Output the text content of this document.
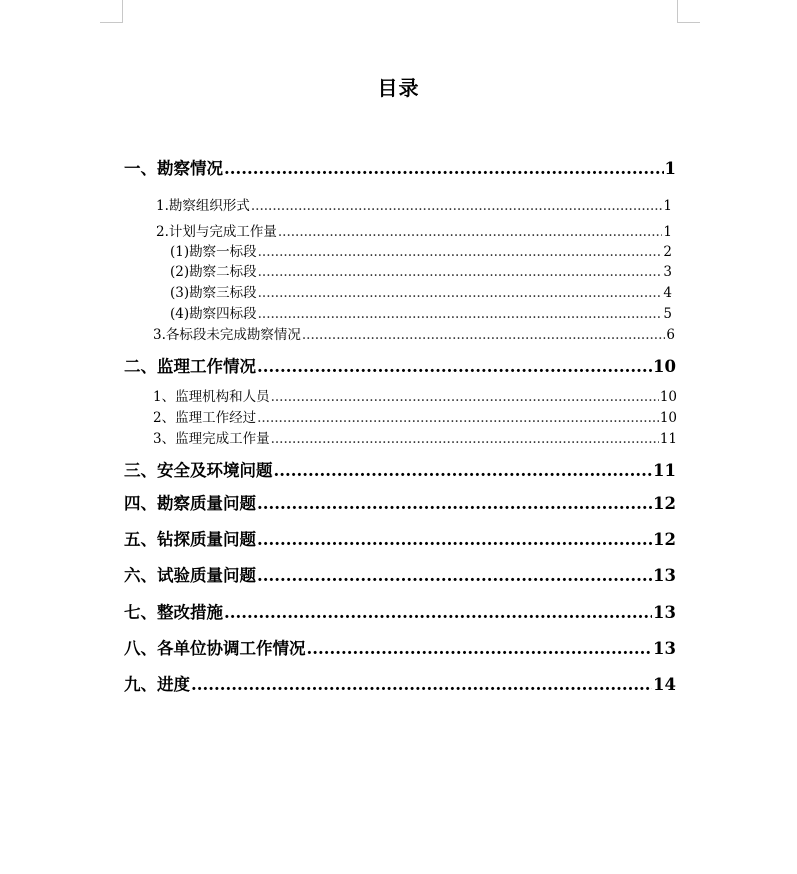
目录
一、勘察情况 .....	1
1.勘察组织形式 .....	1
2.计划与完成工作量 .....	1
(1)勘察一标段 .....	2
(2)勘察二标段 .....	3
(3)勘察三标段 .....	4
(4)勘察四标段 .....	5
3.各标段未完成勘察情况 .....	6
二、监理工作情况 .....	10
1、监理机构和人员 .....	10
2、监理工作经过 .....	10
3、监理完成工作量 .....	11
三、安全及环境问题 .....	11
四、勘察质量问题 .....	12
五、钻探质量问题 .....	12
六、试验质量问题 .....	13
七、整改措施 .....	13
八、各单位协调工作情况 .....	13
九、进度 .....	14
